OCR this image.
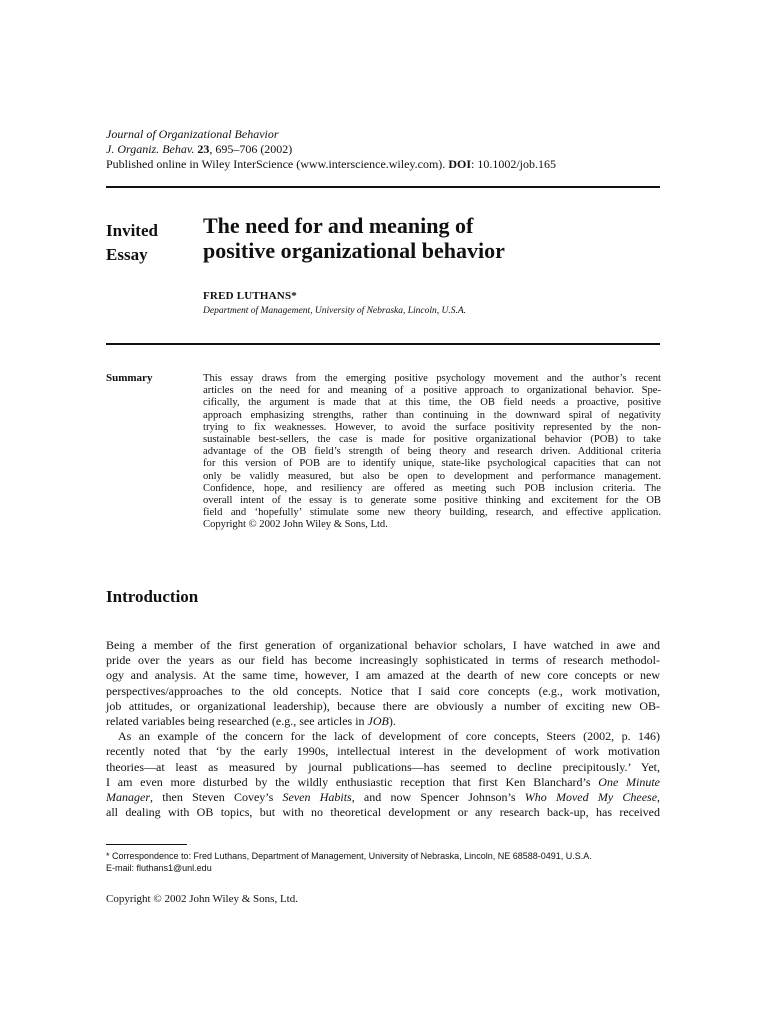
Journal of Organizational Behavior
J. Organiz. Behav. 23, 695–706 (2002)
Published online in Wiley InterScience (www.interscience.wiley.com). DOI: 10.1002/job.165
Invited
Essay
The need for and meaning of
positive organizational behavior
FRED LUTHANS*
Department of Management, University of Nebraska, Lincoln, U.S.A.
Summary	This essay draws from the emerging positive psychology movement and the author’s recent
articles on the need for and meaning of a positive approach to organizational behavior. Spe-
cifically, the argument is made that at this time, the OB field needs a proactive, positive
approach emphasizing strengths, rather than continuing in the downward spiral of negativity
trying to fix weaknesses. However, to avoid the surface positivity represented by the non-
sustainable best-sellers, the case is made for positive organizational behavior (POB) to take
advantage of the OB field’s strength of being theory and research driven. Additional criteria
for this version of POB are to identify unique, state-like psychological capacities that can not
only be validly measured, but also be open to development and performance management.
Confidence, hope, and resiliency are offered as meeting such POB inclusion criteria. The
overall intent of the essay is to generate some positive thinking and excitement for the OB
field and ‘hopefully’ stimulate some new theory building, research, and effective application.
Copyright © 2002 John Wiley & Sons, Ltd.
Introduction
Being a member of the first generation of organizational behavior scholars, I have watched in awe and
pride over the years as our field has become increasingly sophisticated in terms of research methodol-
ogy and analysis. At the same time, however, I am amazed at the dearth of new core concepts or new
perspectives/approaches to the old concepts. Notice that I said core concepts (e.g., work motivation,
job attitudes, or organizational leadership), because there are obviously a number of exciting new OB-
related variables being researched (e.g., see articles in JOB).
As an example of the concern for the lack of development of core concepts, Steers (2002, p. 146)
recently noted that ‘by the early 1990s, intellectual interest in the development of work motivation
theories—at least as measured by journal publications—has seemed to decline precipitously.’ Yet,
I am even more disturbed by the wildly enthusiastic reception that first Ken Blanchard’s One Minute
Manager, then Steven Covey’s Seven Habits, and now Spencer Johnson’s Who Moved My Cheese,
all dealing with OB topics, but with no theoretical development or any research back-up, has received
* Correspondence to: Fred Luthans, Department of Management, University of Nebraska, Lincoln, NE 68588-0491, U.S.A.
E-mail: fluthans1@unl.edu
Copyright © 2002 John Wiley & Sons, Ltd.
